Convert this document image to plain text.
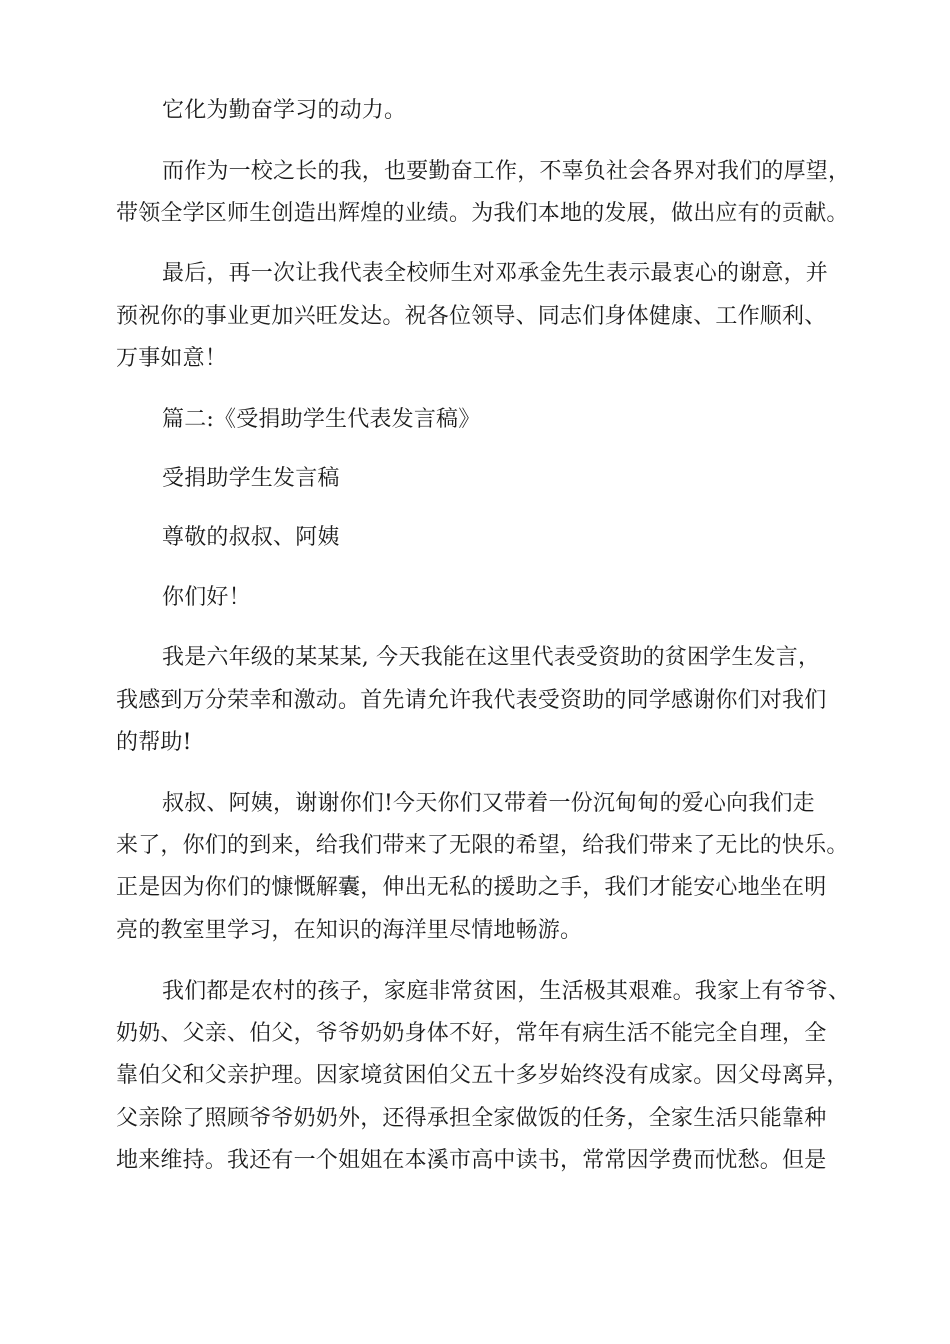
它化为勤奋学习的动力。
而作为一校之长的我，也要勤奋工作，不辜负社会各界对我们的厚望，
带领全学区师生创造出辉煌的业绩。为我们本地的发展，做出应有的贡献。
最后，再一次让我代表全校师生对邓承金先生表示最衷心的谢意，并
预祝你的事业更加兴旺发达。祝各位领导、同志们身体健康、工作顺利、
万事如意！
篇二:《受捐助学生代表发言稿》
受捐助学生发言稿
尊敬的叔叔、阿姨
你们好！
我是六年级的某某某, 今天我能在这里代表受资助的贫困学生发言，
我感到万分荣幸和激动。首先请允许我代表受资助的同学感谢你们对我们
的帮助!
叔叔、阿姨，谢谢你们!今天你们又带着一份沉甸甸的爱心向我们走
来了，你们的到来，给我们带来了无限的希望，给我们带来了无比的快乐。
正是因为你们的慷慨解囊，伸出无私的援助之手，我们才能安心地坐在明
亮的教室里学习，在知识的海洋里尽情地畅游。
我们都是农村的孩子，家庭非常贫困，生活极其艰难。我家上有爷爷、
奶奶、父亲、伯父，爷爷奶奶身体不好，常年有病生活不能完全自理，全
靠伯父和父亲护理。因家境贫困伯父五十多岁始终没有成家。因父母离异，
父亲除了照顾爷爷奶奶外，还得承担全家做饭的任务，全家生活只能靠种
地来维持。我还有一个姐姐在本溪市高中读书，常常因学费而忧愁。但是
